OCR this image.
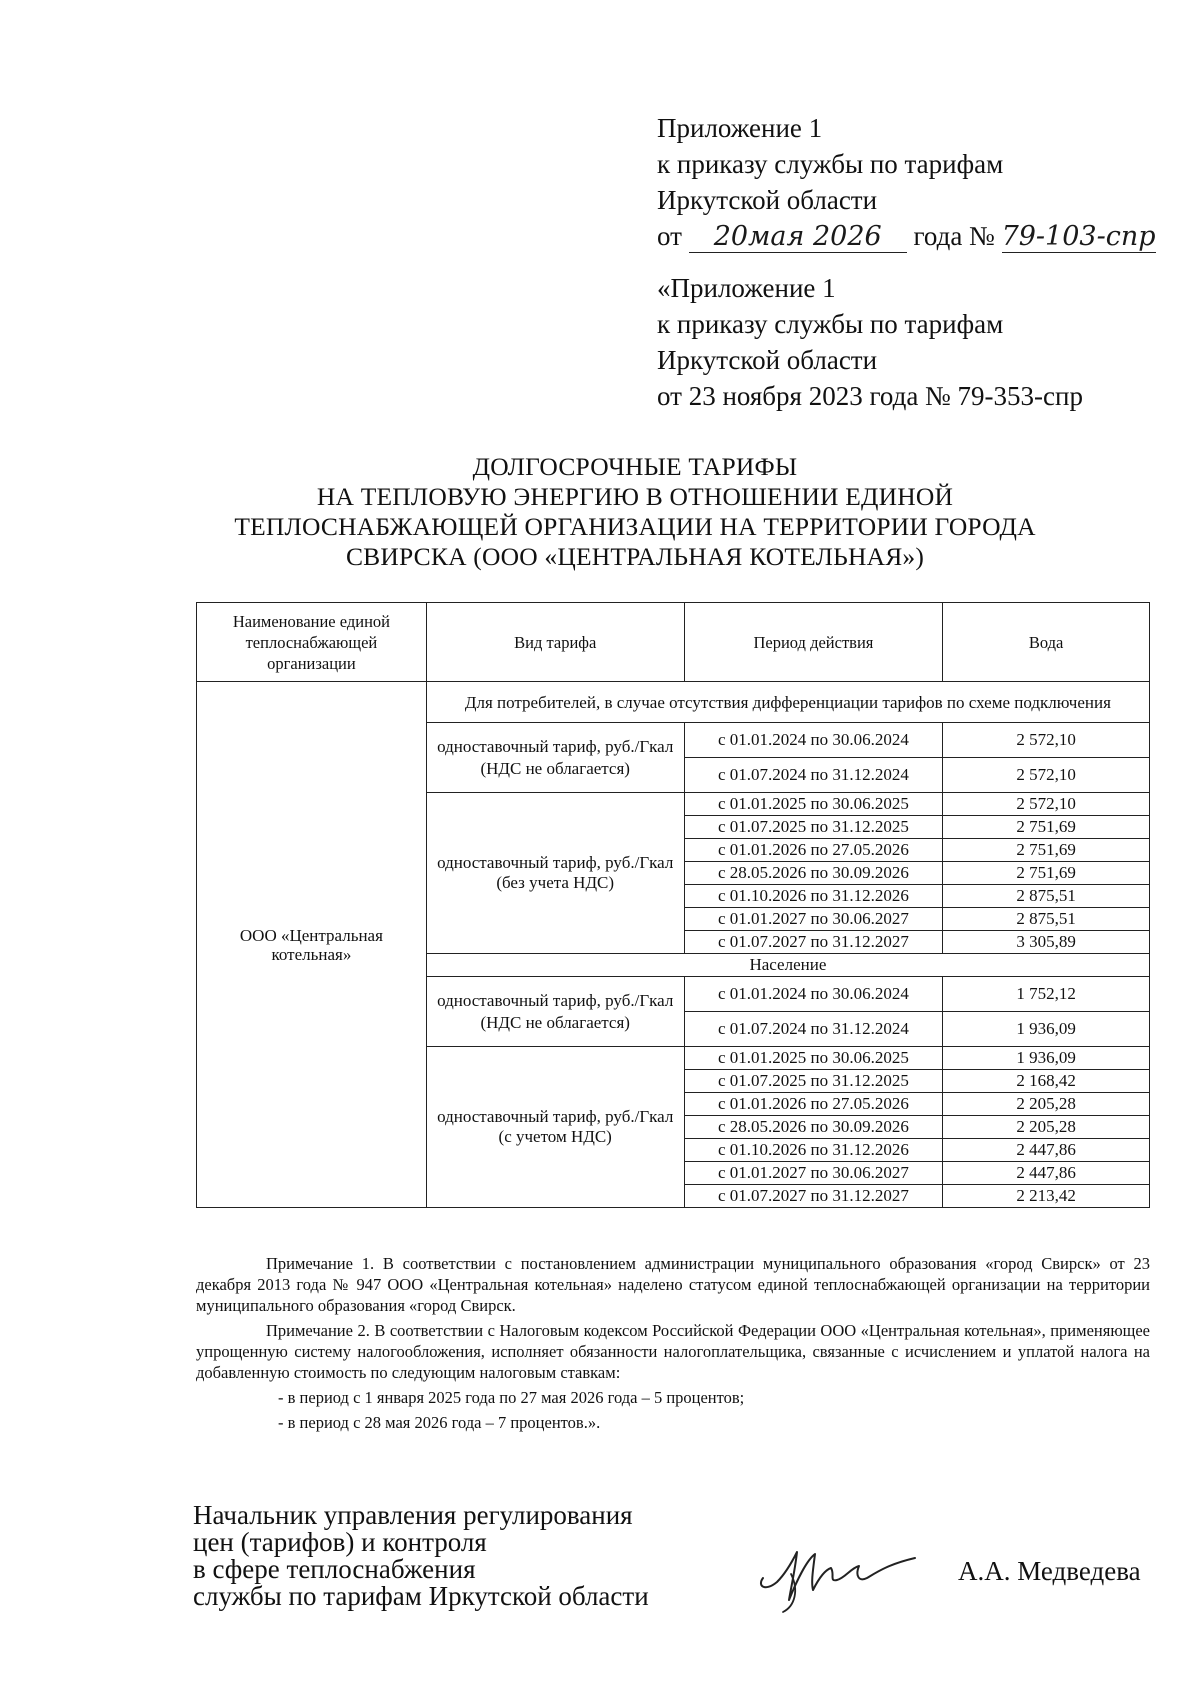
Приложение 1
к приказу службы по тарифам
Иркутской области
от 20мая 2026 года № 79-103-спр
«Приложение 1
к приказу службы по тарифам
Иркутской области
от 23 ноября 2023 года № 79-353-спр
ДОЛГОСРОЧНЫЕ ТАРИФЫ
НА ТЕПЛОВУЮ ЭНЕРГИЮ В ОТНОШЕНИИ ЕДИНОЙ
ТЕПЛОСНАБЖАЮЩЕЙ ОРГАНИЗАЦИИ НА ТЕРРИТОРИИ ГОРОДА
СВИРСКА (ООО «ЦЕНТРАЛЬНАЯ КОТЕЛЬНАЯ»)
Наименование единой теплоснабжающей организации	Вид тарифа	Период действия	Вода
ООО «Центральная котельная»	Для потребителей, в случае отсутствия дифференциации тарифов по схеме подключения		
	одноставочный тариф, руб./Гкал (НДС не облагается)	с 01.01.2024 по 30.06.2024	2 572,10
		с 01.07.2024 по 31.12.2024	2 572,10
	одноставочный тариф, руб./Гкал (без учета НДС)	с 01.01.2025 по 30.06.2025	2 572,10
		с 01.07.2025 по 31.12.2025	2 751,69
		с 01.01.2026 по 27.05.2026	2 751,69
		с 28.05.2026 по 30.09.2026	2 751,69
		с 01.10.2026 по 31.12.2026	2 875,51
		с 01.01.2027 по 30.06.2027	2 875,51
		с 01.07.2027 по 31.12.2027	3 305,89
	Население		
	одноставочный тариф, руб./Гкал (НДС не облагается)	с 01.01.2024 по 30.06.2024	1 752,12
		с 01.07.2024 по 31.12.2024	1 936,09
	одноставочный тариф, руб./Гкал (с учетом НДС)	с 01.01.2025 по 30.06.2025	1 936,09
		с 01.07.2025 по 31.12.2025	2 168,42
		с 01.01.2026 по 27.05.2026	2 205,28
		с 28.05.2026 по 30.09.2026	2 205,28
		с 01.10.2026 по 31.12.2026	2 447,86
		с 01.01.2027 по 30.06.2027	2 447,86
		с 01.07.2027 по 31.12.2027	2 213,42

Примечание 1. В соответствии с постановлением администрации муниципального образования «город Свирск» от 23 декабря 2013 года № 947 ООО «Центральная котельная» наделено статусом единой теплоснабжающей организации на территории муниципального образования «город Свирск.

Примечание 2. В соответствии с Налоговым кодексом Российской Федерации ООО «Центральная котельная», применяющее упрощенную систему налогообложения, исполняет обязанности налогоплательщика, связанные с исчислением и уплатой налога на добавленную стоимость по следующим налоговым ставкам:

- в период с 1 января 2025 года по 27 мая 2026 года – 5 процентов;

- в период с 28 мая 2026 года – 7 процентов.».

Начальник управления регулирования
цен (тарифов) и контроля
в сфере теплоснабжения
службы по тарифам Иркутской области
А.А. Медведева
